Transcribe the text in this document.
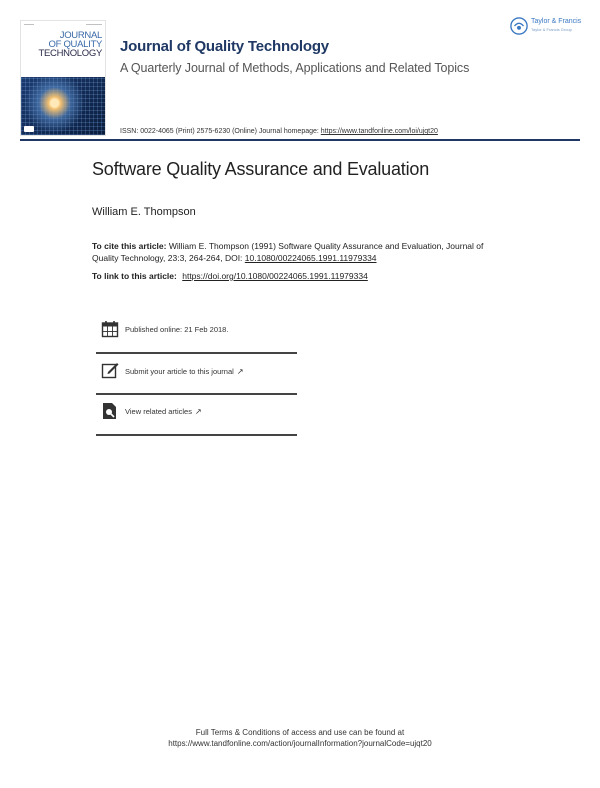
▬▬▬▬▬	▬▬▬▬▬▬▬▬
JOURNAL
OF QUALITY
TECHNOLOGY Journal of Quality Technology
A Quarterly Journal of Methods, Applications and Related Topics
ISSN: 0022-4065 (Print) 2575-6230 (Online) Journal homepage: https://www.tandfonline.com/loi/ujqt20
Taylor & Francis
Taylor & Francis Group
Software Quality Assurance and Evaluation
William E. Thompson
To cite this article: William E. Thompson (1991) Software Quality Assurance and Evaluation, Journal of Quality Technology, 23:3, 264-264, DOI: 10.1080/00224065.1991.11979334
To link to this article: https://doi.org/10.1080/00224065.1991.11979334
Published online: 21 Feb 2018.
Submit your article to this journal ↗
View related articles ↗
Full Terms & Conditions of access and use can be found at
https://www.tandfonline.com/action/journalInformation?journalCode=ujqt20
